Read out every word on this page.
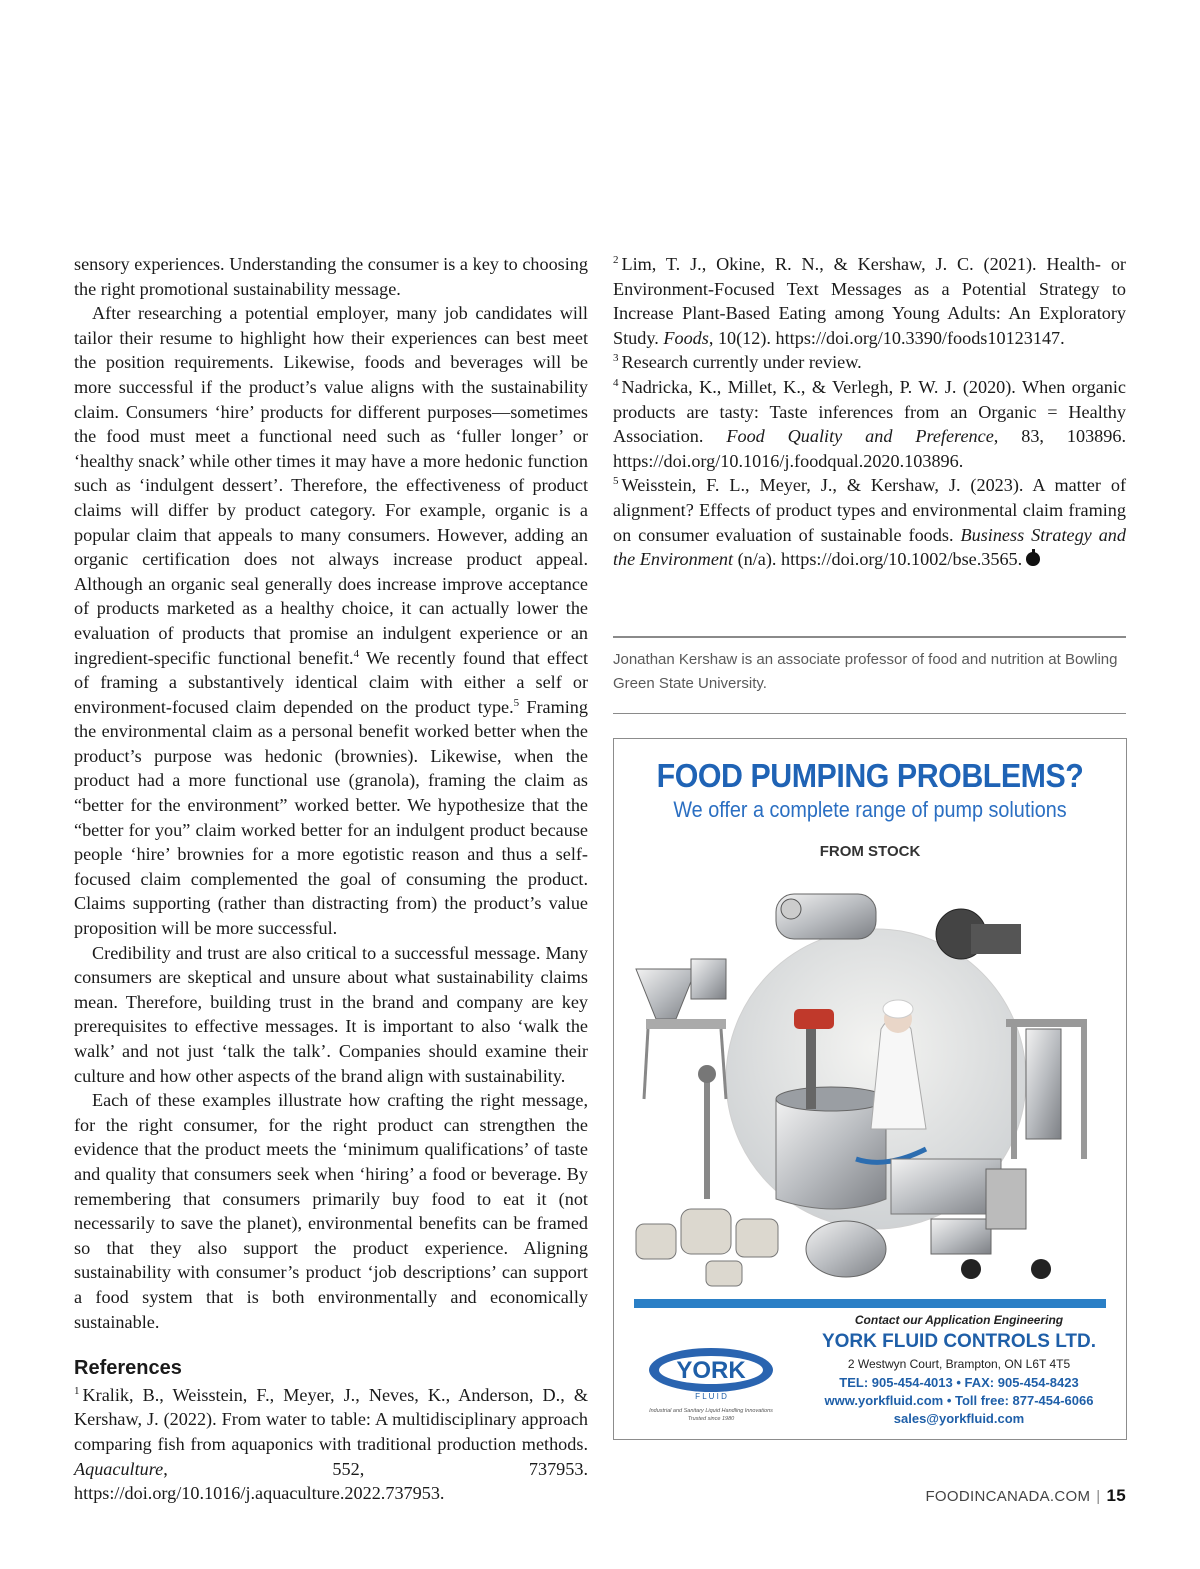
sensory experiences. Understanding the consumer is a key to choosing the right promotional sustainability message.

After researching a potential employer, many job candidates will tailor their resume to highlight how their experiences can best meet the position requirements. Likewise, foods and beverages will be more successful if the product’s value aligns with the sustainability claim. Consumers ‘hire’ products for different purposes—sometimes the food must meet a functional need such as ‘fuller longer’ or ‘healthy snack’ while other times it may have a more hedonic function such as ‘indulgent dessert’. Therefore, the effectiveness of product claims will differ by product category. For example, organic is a popular claim that appeals to many consumers. However, adding an organic certification does not always increase product appeal. Although an organic seal generally does increase improve acceptance of products marketed as a healthy choice, it can actually lower the evaluation of products that promise an indulgent experience or an ingredient-specific functional benefit.$^4$ We recently found that effect of framing a substantively identical claim with either a self or environment-focused claim depended on the product type.$^5$ Framing the environmental claim as a personal benefit worked better when the product’s purpose was hedonic (brownies). Likewise, when the product had a more functional use (granola), framing the claim as “better for the environment” worked better. We hypothesize that the “better for you” claim worked better for an indulgent product because people ‘hire’ brownies for a more egotistic reason and thus a self-focused claim complemented the goal of consuming the product. Claims supporting (rather than distracting from) the product’s value proposition will be more successful.

Credibility and trust are also critical to a successful message. Many consumers are skeptical and unsure about what sustainability claims mean. Therefore, building trust in the brand and company are key prerequisites to effective messages. It is important to also ‘walk the walk’ and not just ‘talk the talk’. Companies should examine their culture and how other aspects of the brand align with sustainability.

Each of these examples illustrate how crafting the right message, for the right consumer, for the right product can strengthen the evidence that the product meets the ‘minimum qualifications’ of taste and quality that consumers seek when ‘hiring’ a food or beverage. By remembering that consumers primarily buy food to eat it (not necessarily to save the planet), environmental benefits can be framed so that they also support the product experience. Aligning sustainability with consumer’s product ‘job descriptions’ can support a food system that is both environmentally and economically sustainable.

References

$^1$ Kralik, B., Weisstein, F., Meyer, J., Neves, K., Anderson, D., & Kershaw, J. (2022). From water to table: A multidisciplinary approach comparing fish from aquaponics with traditional production methods. Aquaculture, 552, 737953. https://doi.org/10.1016/j.aquaculture.2022.737953.

$^2$ Lim, T. J., Okine, R. N., & Kershaw, J. C. (2021). Health- or Environment-Focused Text Messages as a Potential Strategy to Increase Plant-Based Eating among Young Adults: An Exploratory Study. Foods, 10(12). https://doi.org/10.3390/foods10123147.

$^3$ Research currently under review.

$^4$ Nadricka, K., Millet, K., & Verlegh, P. W. J. (2020). When organic products are tasty: Taste inferences from an Organic = Healthy Association. Food Quality and Preference, 83, 103896. https://doi.org/10.1016/j.foodqual.2020.103896.

$^5$ Weisstein, F. L., Meyer, J., & Kershaw, J. (2023). A matter of alignment? Effects of product types and environmental claim framing on consumer evaluation of sustainable foods. Business Strategy and the Environment (n/a). https://doi.org/10.1002/bse.3565.

Jonathan Kershaw is an associate professor of food and nutrition at Bowling Green State University.
FOOD PUMPING PROBLEMS?
We offer a complete range of pump solutions
FROM STOCK
YORK
F L U I D
Industrial and Sanitary Liquid Handling Innovations
Trusted since 1980
Contact our Application Engineering
YORK FLUID CONTROLS LTD.
2 Westwyn Court, Brampton, ON L6T 4T5
TEL: 905-454-4013 • FAX: 905-454-8423
www.yorkfluid.com • Toll free: 877-454-6066
sales@yorkfluid.com
FOODINCANADA.COM | 15
